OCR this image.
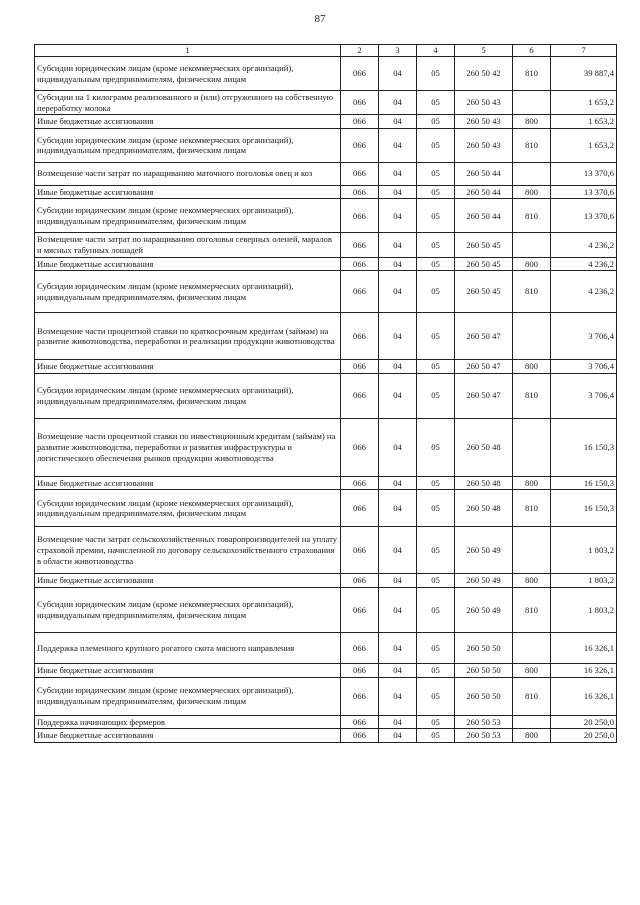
87
1	2	3	4	5	6	7
Субсидии юридическим лицам (кроме некоммерческих организаций), индивидуальным предпринимателям, физическим лицам	066	04	05	260 50 42	810	39 887,4
Субсидии на 1 килограмм реализованного и (или) отгруженного на собственную переработку молока	066	04	05	260 50 43		1 653,2
Иные бюджетные ассигнования	066	04	05	260 50 43	800	1 653,2
Субсидии юридическим лицам (кроме некоммерческих организаций), индивидуальным предпринимателям, физическим лицам	066	04	05	260 50 43	810	1 653,2
Возмещение части затрат по наращиванию маточного поголовья овец и коз	066	04	05	260 50 44		13 370,6
Иные бюджетные ассигнования	066	04	05	260 50 44	800	13 370,6
Субсидии юридическим лицам (кроме некоммерческих организаций), индивидуальным предпринимателям, физическим лицам	066	04	05	260 50 44	810	13 370,6
Возмещение части затрат по наращиванию поголовья северных оленей, маралов и мясных табунных лошадей	066	04	05	260 50 45		4 236,2
Иные бюджетные ассигнования	066	04	05	260 50 45	800	4 236,2
Субсидии юридическим лицам (кроме некоммерческих организаций), индивидуальным предпринимателям, физическим лицам	066	04	05	260 50 45	810	4 236,2
Возмещение части процентной ставки по краткосрочным кредитам (займам) на развитие животноводства, переработки и реализации продукции животноводства	066	04	05	260 50 47		3 706,4
Иные бюджетные ассигнования	066	04	05	260 50 47	800	3 706,4
Субсидии юридическим лицам (кроме некоммерческих организаций), индивидуальным предпринимателям, физическим лицам	066	04	05	260 50 47	810	3 706,4
Возмещение части процентной ставки по инвестиционным кредитам (займам) на развитие животноводства, переработки и развития инфраструктуры и логистического обеспечения рынков продукции животноводства	066	04	05	260 50 48		16 150,3
Иные бюджетные ассигнования	066	04	05	260 50 48	800	16 150,3
Субсидии юридическим лицам (кроме некоммерческих организаций), индивидуальным предпринимателям, физическим лицам	066	04	05	260 50 48	810	16 150,3
Возмещение части затрат сельскохозяйственных товаропроизводителей на уплату страховой премии, начисленной по договору сельскохозяйственного страхования в области животноводства	066	04	05	260 50 49		1 803,2
Иные бюджетные ассигнования	066	04	05	260 50 49	800	1 803,2
Субсидии юридическим лицам (кроме некоммерческих организаций), индивидуальным предпринимателям, физическим лицам	066	04	05	260 50 49	810	1 803,2
Поддержка племенного крупного рогатого скота мясного направления	066	04	05	260 50 50		16 326,1
Иные бюджетные ассигнования	066	04	05	260 50 50	800	16 326,1
Субсидии юридическим лицам (кроме некоммерческих организаций), индивидуальным предпринимателям, физическим лицам	066	04	05	260 50 50	810	16 326,1
Поддержка начинающих фермеров	066	04	05	260 50 53		20 250,0
Иные бюджетные ассигнования	066	04	05	260 50 53	800	20 250,0
